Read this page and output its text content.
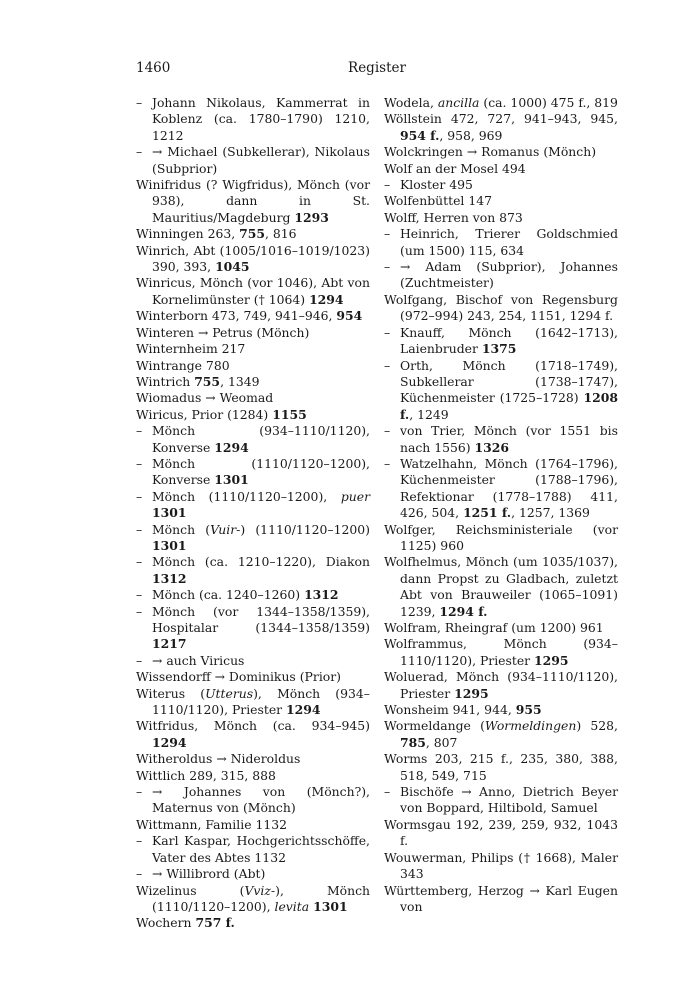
1460	Register

– Johann Nikolaus, Kammerrat in Koblenz (ca. 1780–1790) 1210, 1212

– → Michael (Subkellerar), Nikolaus (Subprior)

Winifridus (? Wigfridus), Mönch (vor 938), dann in St. Mauritius/Magdeburg 1293

Winningen 263, 755, 816

Winrich, Abt (1005/1016–1019/1023) 390, 393, 1045

Winricus, Mönch (vor 1046), Abt von Kornelimünster († 1064) 1294

Winterborn 473, 749, 941–946, 954

Winteren → Petrus (Mönch)

Winternheim 217

Wintrange 780

Wintrich 755, 1349

Wiomadus → Weomad

Wiricus, Prior (1284) 1155

– Mönch (934–1110/1120), Konverse 1294

– Mönch (1110/1120–1200), Konverse 1301

– Mönch (1110/1120–1200), puer 1301

– Mönch (Vuir-) (1110/1120–1200) 1301

– Mönch (ca. 1210–1220), Diakon 1312

– Mönch (ca. 1240–1260) 1312

– Mönch (vor 1344–1358/1359), Hospitalar (1344–1358/1359) 1217

– → auch Viricus

Wissendorff → Dominikus (Prior)

Witerus (Utterus), Mönch (934–1110/1120), Priester 1294

Witfridus, Mönch (ca. 934–945) 1294

Witheroldus → Nideroldus

Wittlich 289, 315, 888

– → Johannes von (Mönch?), Maternus von (Mönch)

Wittmann, Familie 1132

– Karl Kaspar, Hochgerichtsschöffe, Vater des Abtes 1132

– → Willibrord (Abt)

Wizelinus (Vviz-), Mönch (1110/1120–1200), levita 1301

Wochern 757 f.

Wodela, ancilla (ca. 1000) 475 f., 819

Wöllstein 472, 727, 941–943, 945, 954 f., 958, 969

Wolckringen → Romanus (Mönch)

Wolf an der Mosel 494

– Kloster 495

Wolfenbüttel 147

Wolff, Herren von 873

– Heinrich, Trierer Goldschmied (um 1500) 115, 634

– → Adam (Subprior), Johannes (Zuchtmeister)

Wolfgang, Bischof von Regensburg (972–994) 243, 254, 1151, 1294 f.

– Knauff, Mönch (1642–1713), Laienbruder 1375

– Orth, Mönch (1718–1749), Subkellerar (1738–1747), Küchenmeister (1725–1728) 1208 f., 1249

– von Trier, Mönch (vor 1551 bis nach 1556) 1326

– Watzelhahn, Mönch (1764–1796), Küchenmeister (1788–1796), Refektionar (1778–1788) 411, 426, 504, 1251 f., 1257, 1369

Wolfger, Reichsministeriale (vor 1125) 960

Wolfhelmus, Mönch (um 1035/1037), dann Propst zu Gladbach, zuletzt Abt von Brauweiler (1065–1091) 1239, 1294 f.

Wolfram, Rheingraf (um 1200) 961

Wolframmus, Mönch (934–1110/1120), Priester 1295

Woluerad, Mönch (934–1110/1120), Priester 1295

Wonsheim 941, 944, 955

Wormeldange (Wormeldingen) 528, 785, 807

Worms 203, 215 f., 235, 380, 388, 518, 549, 715

– Bischöfe → Anno, Dietrich Beyer von Boppard, Hiltibold, Samuel

Wormsgau 192, 239, 259, 932, 1043 f.

Wouwerman, Philips († 1668), Maler 343

Württemberg, Herzog → Karl Eugen von
